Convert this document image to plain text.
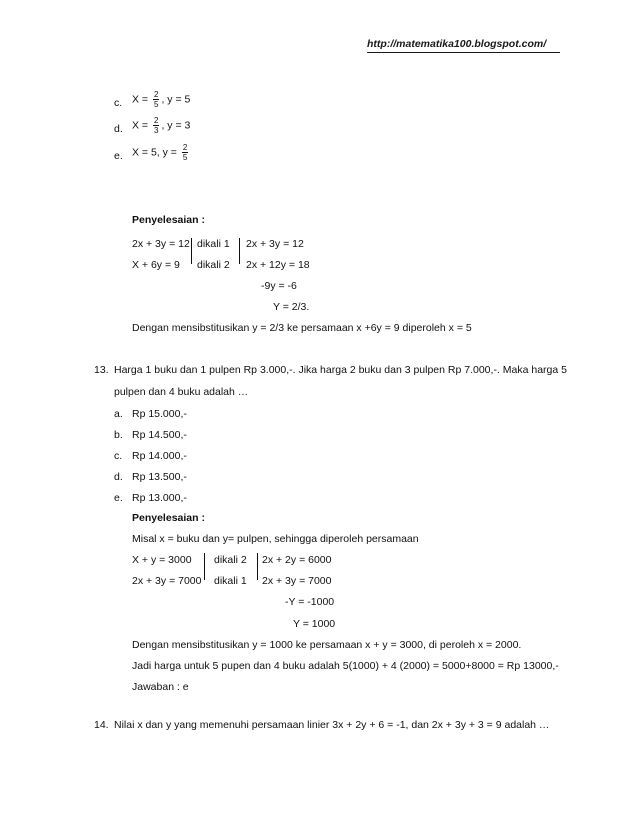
http://matematika100.blogspot.com/
c. $X = \frac{2}{5}$ , y = 5
d. $X = \frac{2}{3}$ , y = 3
e. X = 5, $y = \frac{2}{5}$
Penyelesaian :
2x + 3y = 12 dikali 1 2x + 3y = 12
X + 6y = 9 dikali 2 2x + 12y = 18
-9y = -6
Y = 2/3.
Dengan mensibstitusikan y = 2/3 ke persamaan x +6y = 9 diperoleh x = 5
13. Harga 1 buku dan 1 pulpen Rp 3.000,-. Jika harga 2 buku dan 3 pulpen Rp 7.000,-. Maka harga 5
pulpen dan 4 buku adalah …
a. Rp 15.000,-
b. Rp 14.500,-
c. Rp 14.000,-
d. Rp 13.500,-
e. Rp 13.000,-
Penyelesaian :
Misal x = buku dan y= pulpen, sehingga diperoleh persamaan
X + y = 3000 dikali 2 2x + 2y = 6000
2x + 3y = 7000 dikali 1 2x + 3y = 7000
-Y = -1000
Y = 1000
Dengan mensibstitusikan y = 1000 ke persamaan x + y = 3000, di peroleh x = 2000.
Jadi harga untuk 5 pupen dan 4 buku adalah 5(1000) + 4 (2000) = 5000+8000 = Rp 13000,-
Jawaban : e
14. Nilai x dan y yang memenuhi persamaan linier 3x + 2y + 6 = -1, dan 2x + 3y + 3 = 9 adalah …
